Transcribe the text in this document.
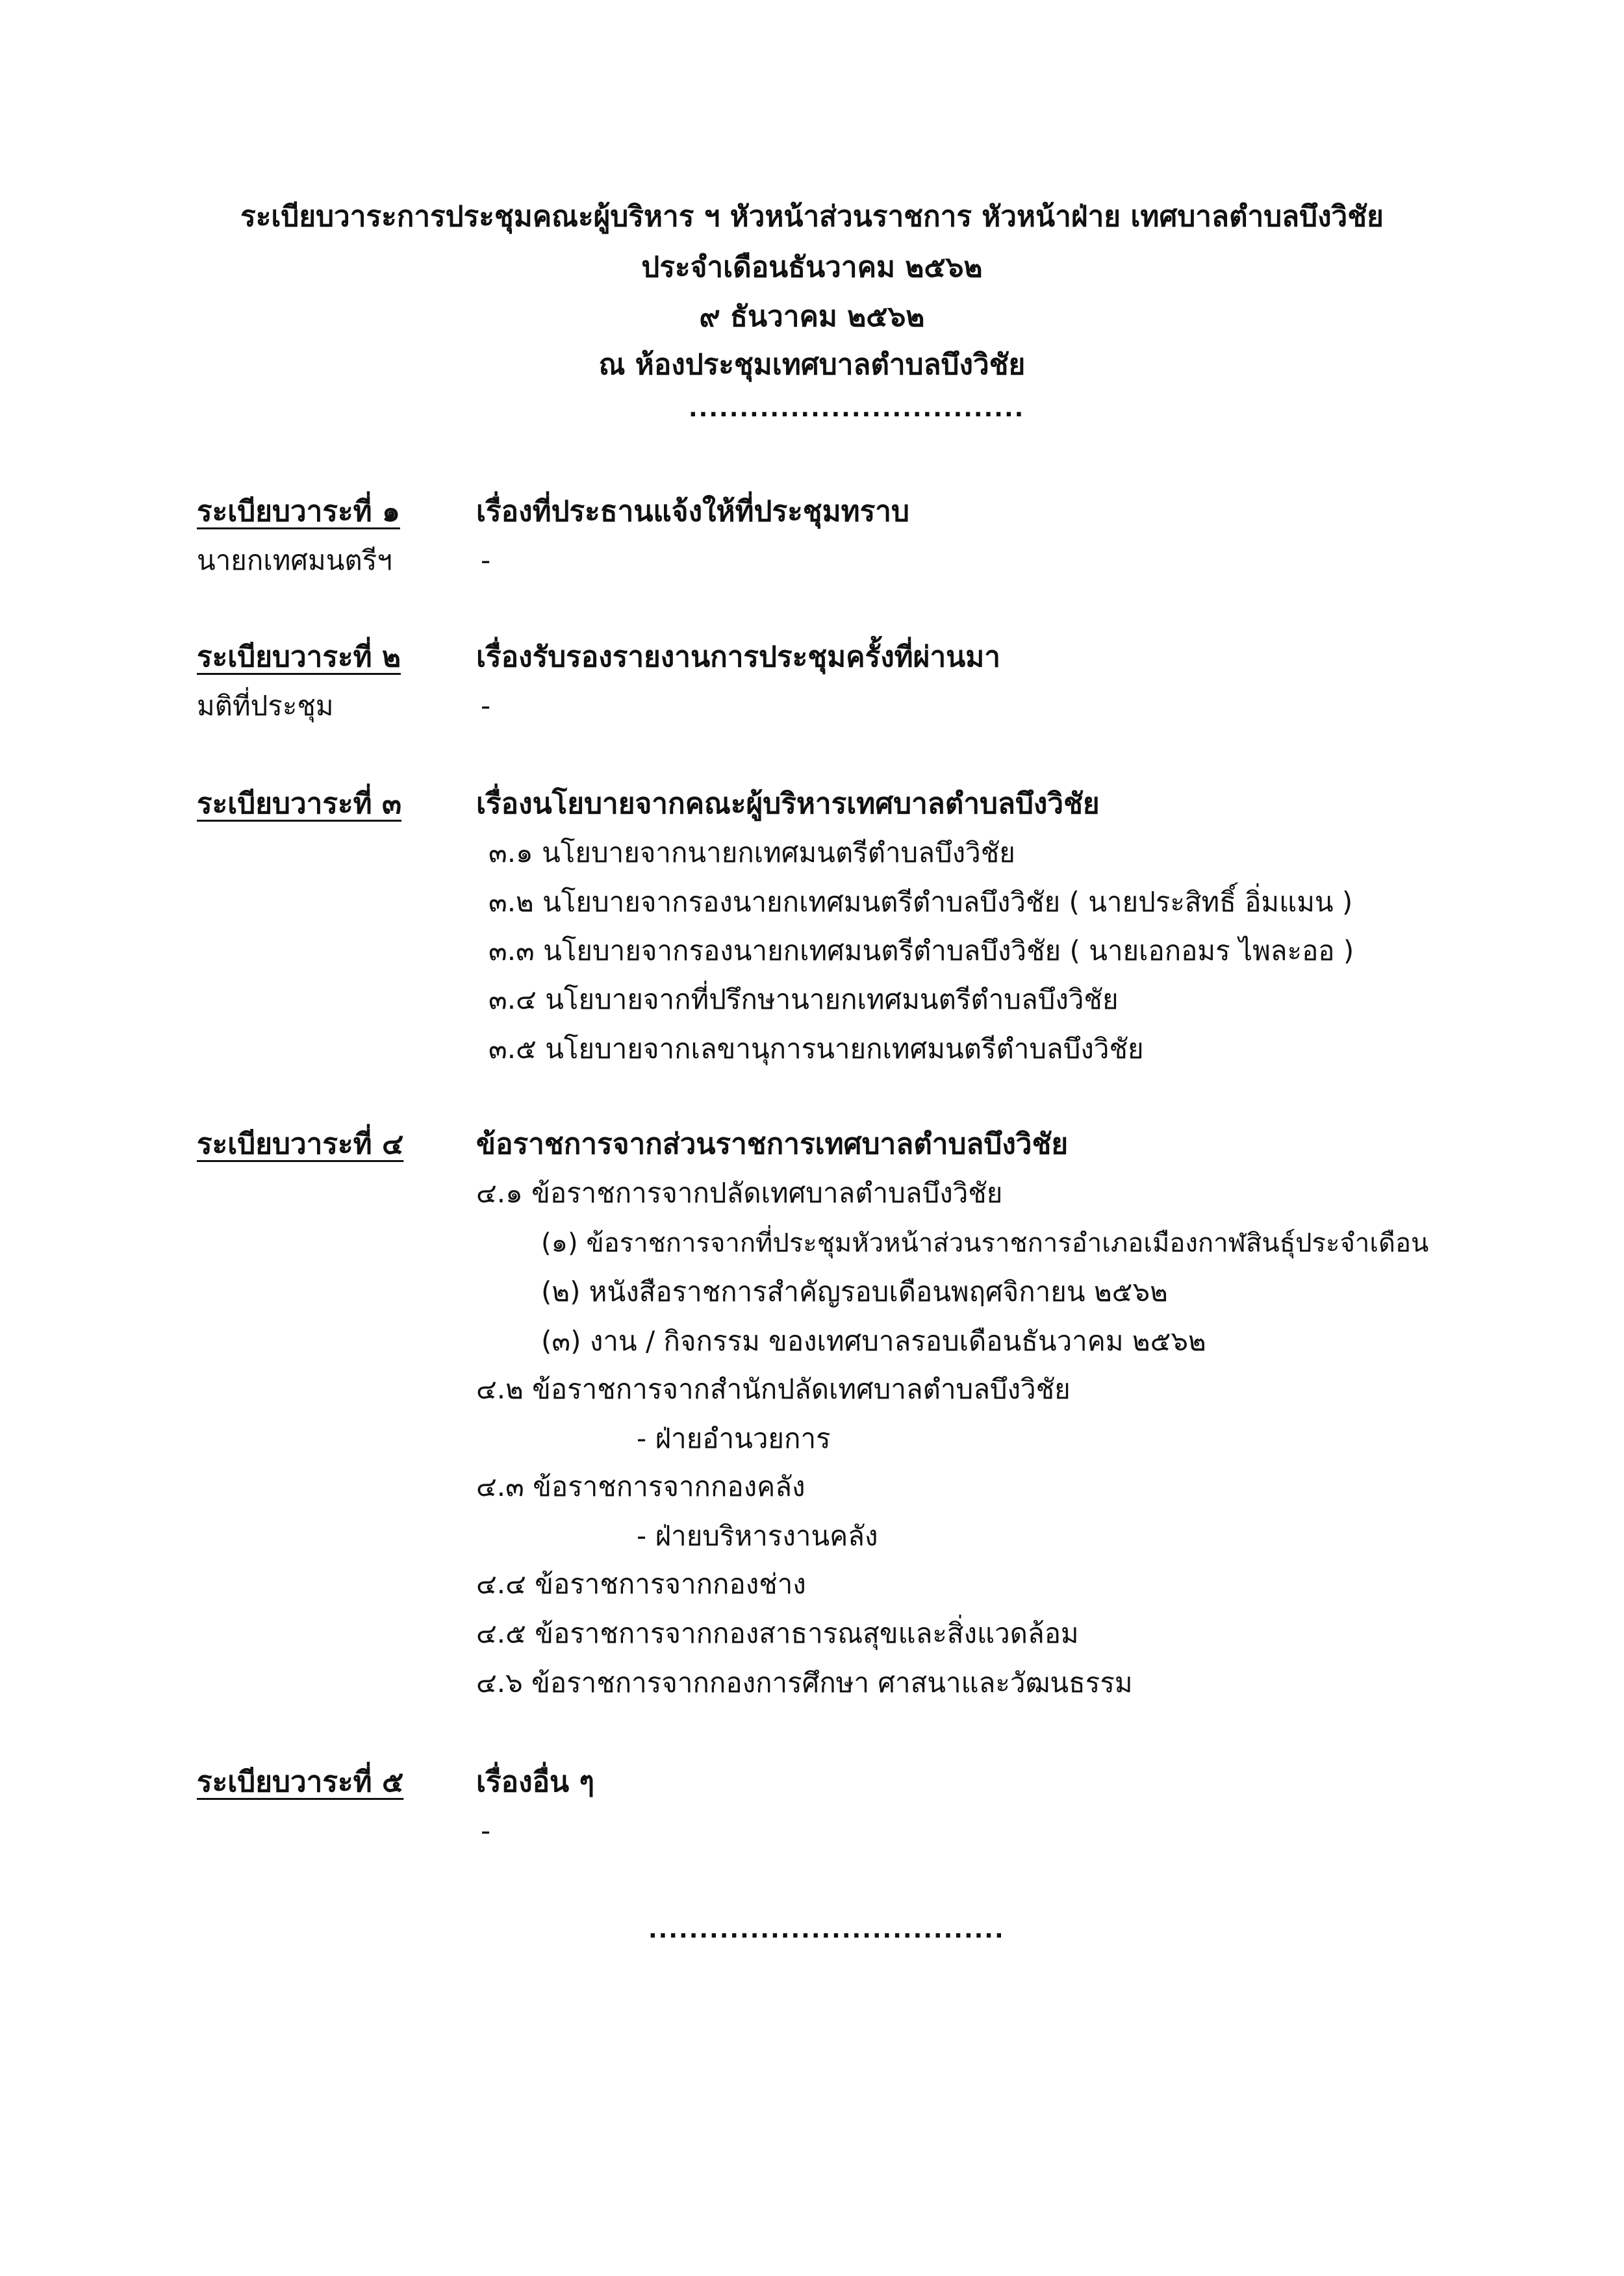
ระเบียบวาระการประชุมคณะผู้บริหาร ฯ หัวหน้าส่วนราชการ หัวหน้าฝ่าย เทศบาลตำบลบึงวิชัย
ประจำเดือนธันวาคม ๒๕๖๒
๙ ธันวาคม ๒๕๖๒
ณ ห้องประชุมเทศบาลตำบลบึงวิชัย
.................................
ระเบียบวาระที่ ๑	เรื่องที่ประธานแจ้งให้ที่ประชุมทราบ
นายกเทศมนตรีฯ	-
ระเบียบวาระที่ ๒	เรื่องรับรองรายงานการประชุมครั้งที่ผ่านมา
มติที่ประชุม	-
ระเบียบวาระที่ ๓	เรื่องนโยบายจากคณะผู้บริหารเทศบาลตำบลบึงวิชัย
๓.๑ นโยบายจากนายกเทศมนตรีตำบลบึงวิชัย
๓.๒ นโยบายจากรองนายกเทศมนตรีตำบลบึงวิชัย ( นายประสิทธิ์ อิ่มแมน )
๓.๓ นโยบายจากรองนายกเทศมนตรีตำบลบึงวิชัย ( นายเอกอมร ไพละออ )
๓.๔ นโยบายจากที่ปรึกษานายกเทศมนตรีตำบลบึงวิชัย
๓.๕ นโยบายจากเลขานุการนายกเทศมนตรีตำบลบึงวิชัย
ระเบียบวาระที่ ๔	ข้อราชการจากส่วนราชการเทศบาลตำบลบึงวิชัย
๔.๑ ข้อราชการจากปลัดเทศบาลตำบลบึงวิชัย
(๑) ข้อราชการจากที่ประชุมหัวหน้าส่วนราชการอำเภอเมืองกาฬสินธุ์ประจำเดือน
(๒) หนังสือราชการสำคัญรอบเดือนพฤศจิกายน ๒๕๖๒
(๓) งาน / กิจกรรม ของเทศบาลรอบเดือนธันวาคม ๒๕๖๒
๔.๒ ข้อราชการจากสำนักปลัดเทศบาลตำบลบึงวิชัย
- ฝ่ายอำนวยการ
๔.๓ ข้อราชการจากกองคลัง
- ฝ่ายบริหารงานคลัง
๔.๔ ข้อราชการจากกองช่าง
๔.๕ ข้อราชการจากกองสาธารณสุขและสิ่งแวดล้อม
๔.๖ ข้อราชการจากกองการศึกษา ศาสนาและวัฒนธรรม
ระเบียบวาระที่ ๕	เรื่องอื่น ๆ
-
...................................
